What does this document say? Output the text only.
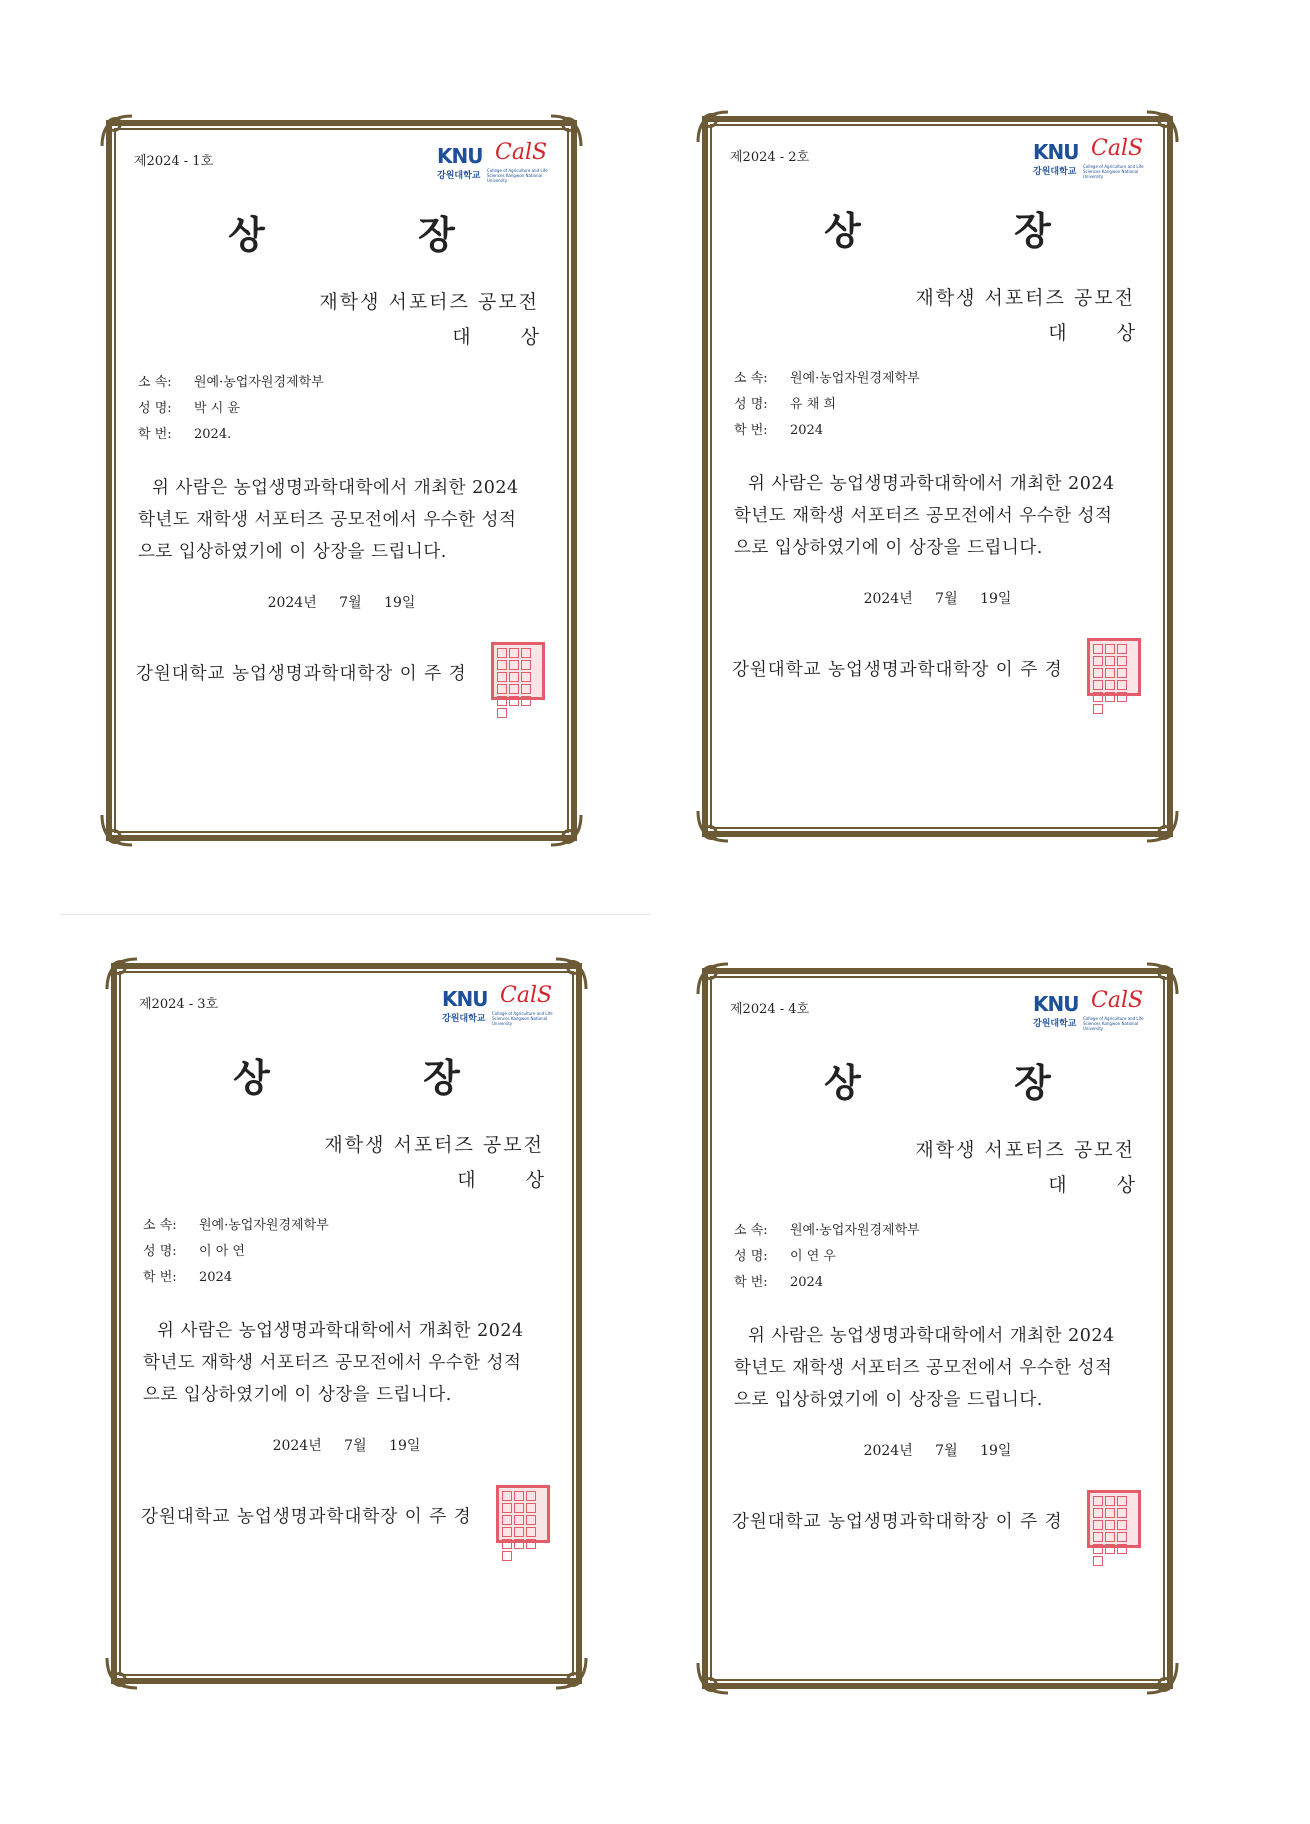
제2024 - 1호	KNU CalS
강원대학교
College of Agriculture and Life Sciences Kangwon National University
상 장
재학생 서포터즈 공모전
대 상
소 속:	원예·농업자원경제학부
성 명:	박 시 윤
학 번:	2024.
위 사람은 농업생명과학대학에서 개최한 2024
학년도 재학생 서포터즈 공모전에서 우수한 성적
으로 입상하였기에 이 상장을 드립니다.
2024년 7월 19일
강원대학교 농업생명과학대학장 이 주 경
제2024 - 2호	KNU CalS
강원대학교
College of Agriculture and Life Sciences Kangwon National University
상 장
재학생 서포터즈 공모전
대 상
소 속:	원예·농업자원경제학부
성 명:	유 채 희
학 번:	2024
위 사람은 농업생명과학대학에서 개최한 2024
학년도 재학생 서포터즈 공모전에서 우수한 성적
으로 입상하였기에 이 상장을 드립니다.
2024년 7월 19일
강원대학교 농업생명과학대학장 이 주 경
제2024 - 3호	KNU CalS
강원대학교
College of Agriculture and Life Sciences Kangwon National University
상 장
재학생 서포터즈 공모전
대 상
소 속:	원예·농업자원경제학부
성 명:	이 아 연
학 번:	2024
위 사람은 농업생명과학대학에서 개최한 2024
학년도 재학생 서포터즈 공모전에서 우수한 성적
으로 입상하였기에 이 상장을 드립니다.
2024년 7월 19일
강원대학교 농업생명과학대학장 이 주 경
제2024 - 4호	KNU CalS
강원대학교
College of Agriculture and Life Sciences Kangwon National University
상 장
재학생 서포터즈 공모전
대 상
소 속:	원예·농업자원경제학부
성 명:	이 연 우
학 번:	2024
위 사람은 농업생명과학대학에서 개최한 2024
학년도 재학생 서포터즈 공모전에서 우수한 성적
으로 입상하였기에 이 상장을 드립니다.
2024년 7월 19일
강원대학교 농업생명과학대학장 이 주 경
